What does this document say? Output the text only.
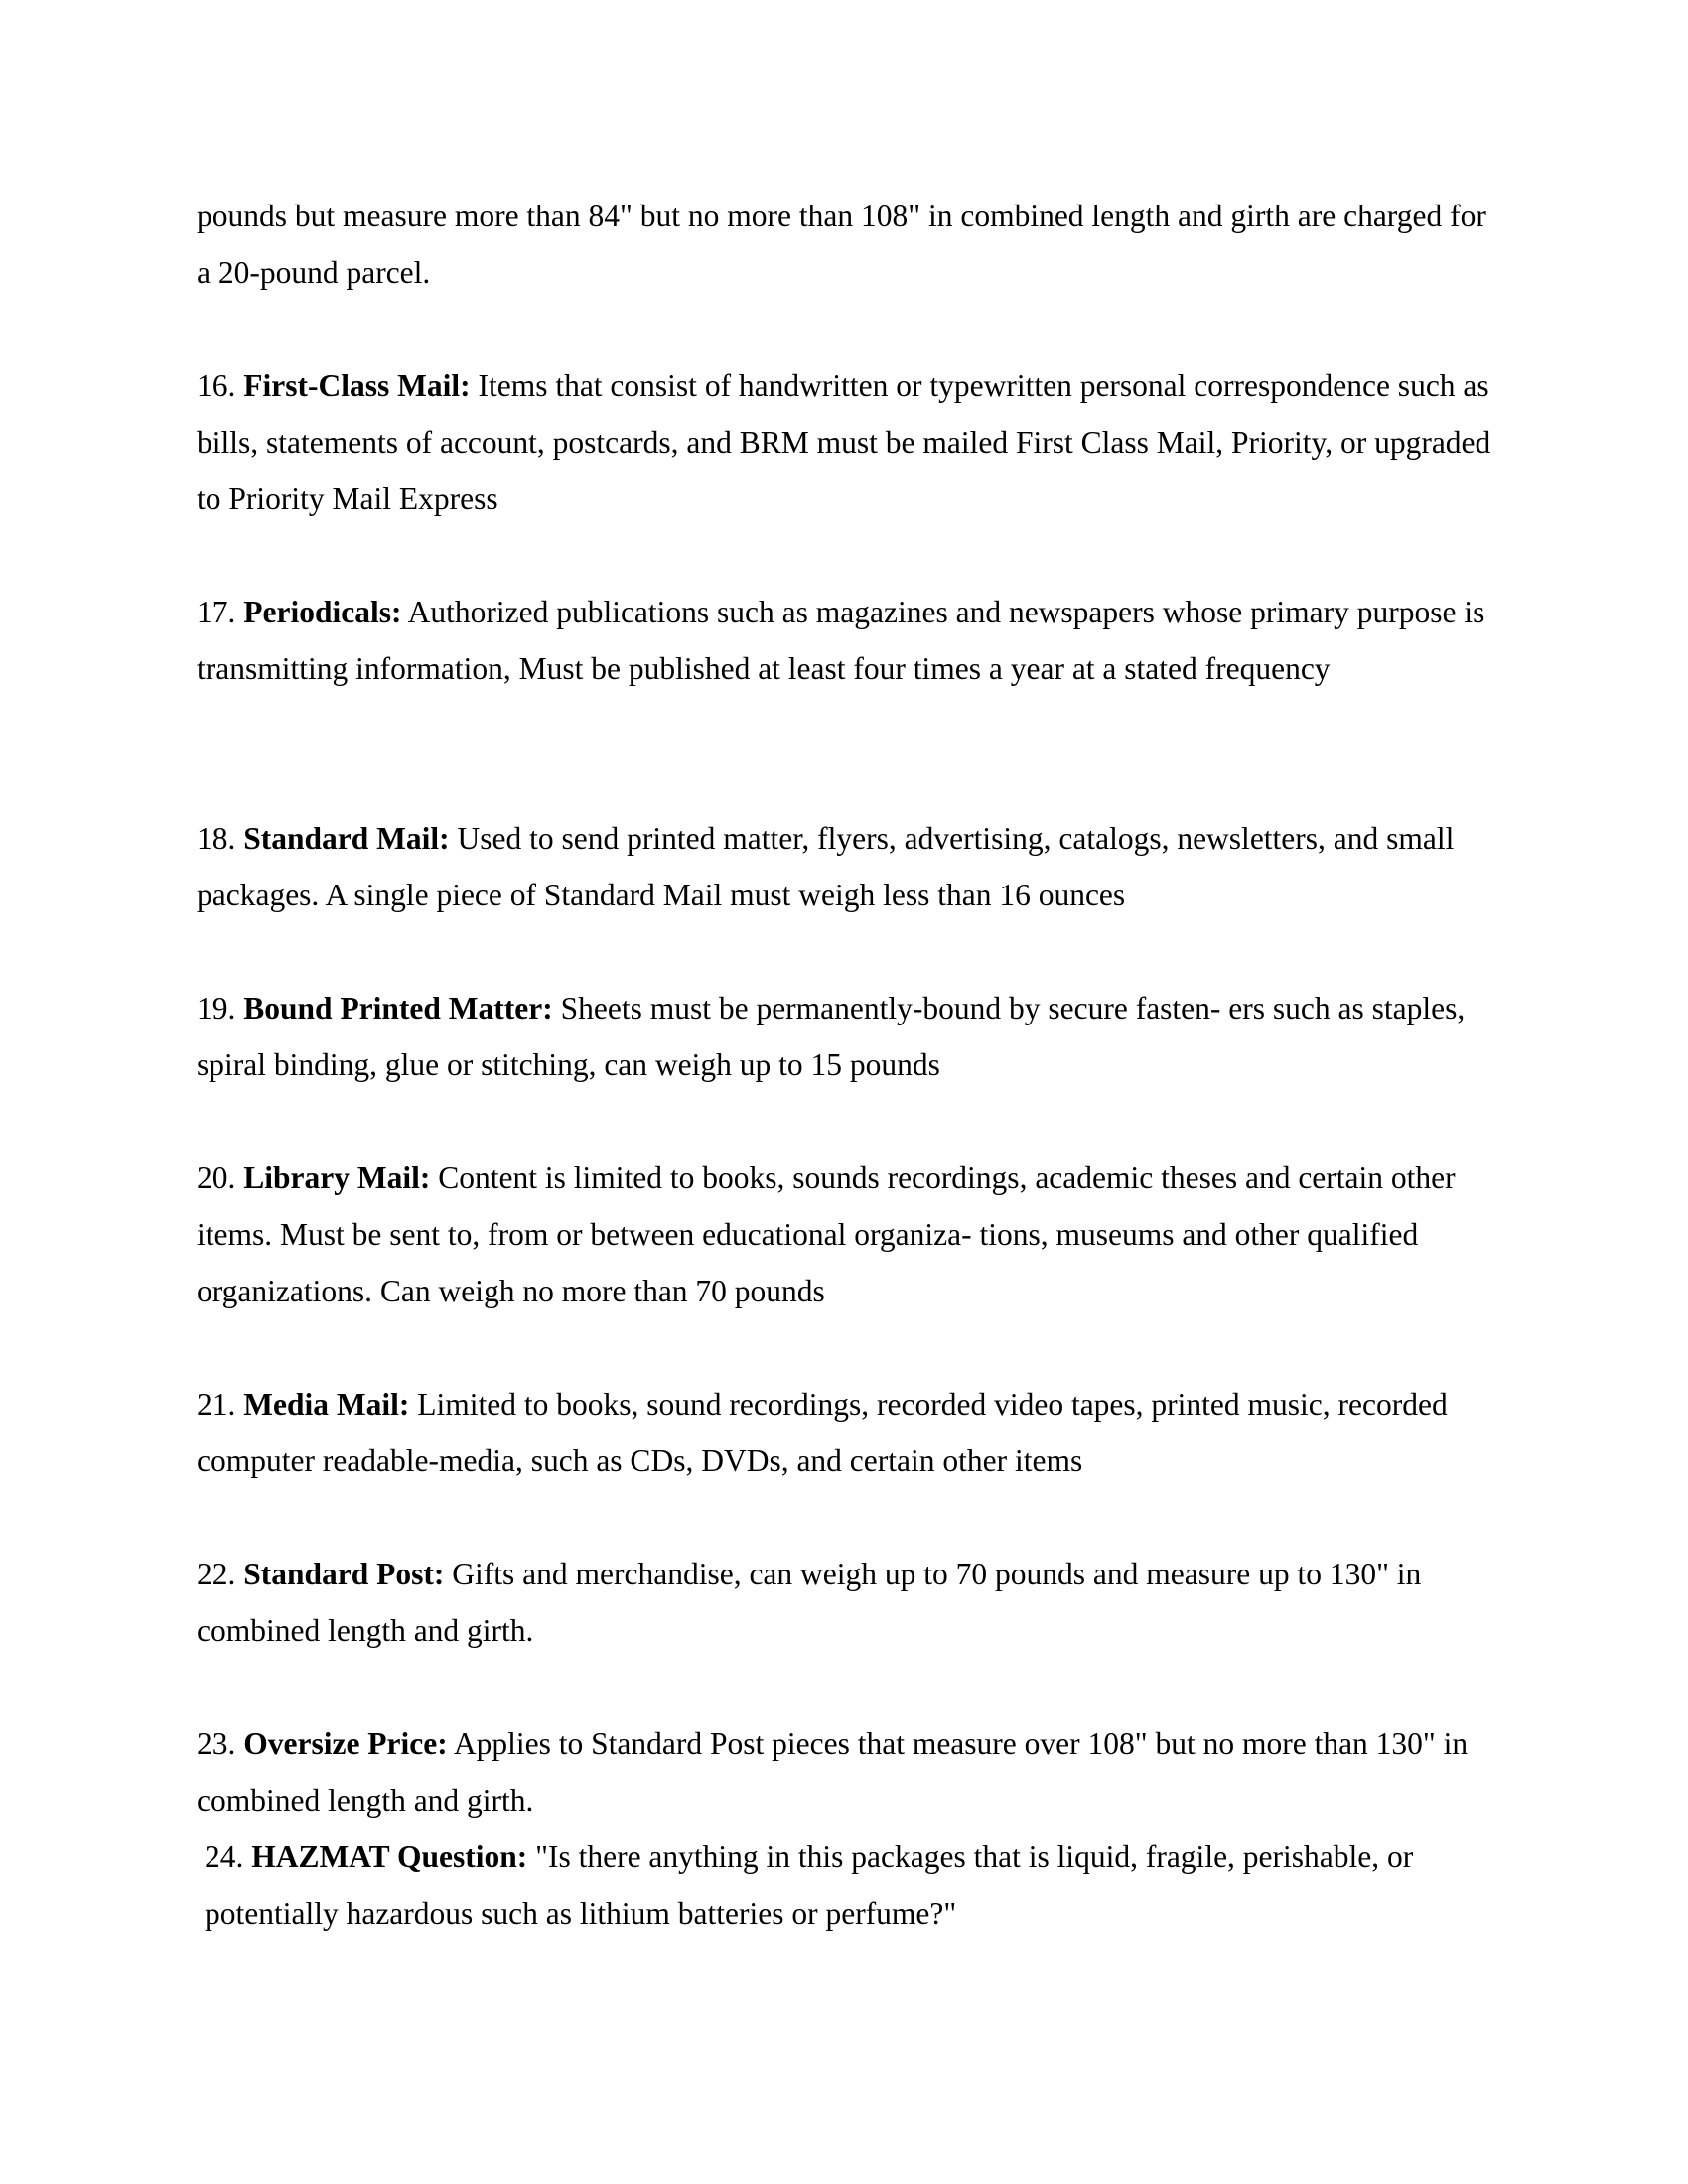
pounds but measure more than 84" but no more than 108" in combined length and girth are charged for a 20-pound parcel.

16. First-Class Mail: Items that consist of handwritten or typewritten personal correspondence such as bills, statements of account, postcards, and BRM must be mailed First Class Mail, Priority, or upgraded to Priority Mail Express

17. Periodicals: Authorized publications such as magazines and newspapers whose primary purpose is transmitting information, Must be published at least four times a year at a stated frequency

18. Standard Mail: Used to send printed matter, flyers, advertising, catalogs, newsletters, and small packages. A single piece of Standard Mail must weigh less than 16 ounces

19. Bound Printed Matter: Sheets must be permanently-bound by secure fasten- ers such as staples, spiral binding, glue or stitching, can weigh up to 15 pounds

20. Library Mail: Content is limited to books, sounds recordings, academic theses and certain other items. Must be sent to, from or between educational organiza- tions, museums and other qualified organizations. Can weigh no more than 70 pounds

21. Media Mail: Limited to books, sound recordings, recorded video tapes, printed music, recorded computer readable-media, such as CDs, DVDs, and certain other items

22. Standard Post: Gifts and merchandise, can weigh up to 70 pounds and measure up to 130" in combined length and girth.

23. Oversize Price: Applies to Standard Post pieces that measure over 108" but no more than 130" in combined length and girth.

24. HAZMAT Question: "Is there anything in this packages that is liquid, fragile, perishable, or potentially hazardous such as lithium batteries or perfume?"
